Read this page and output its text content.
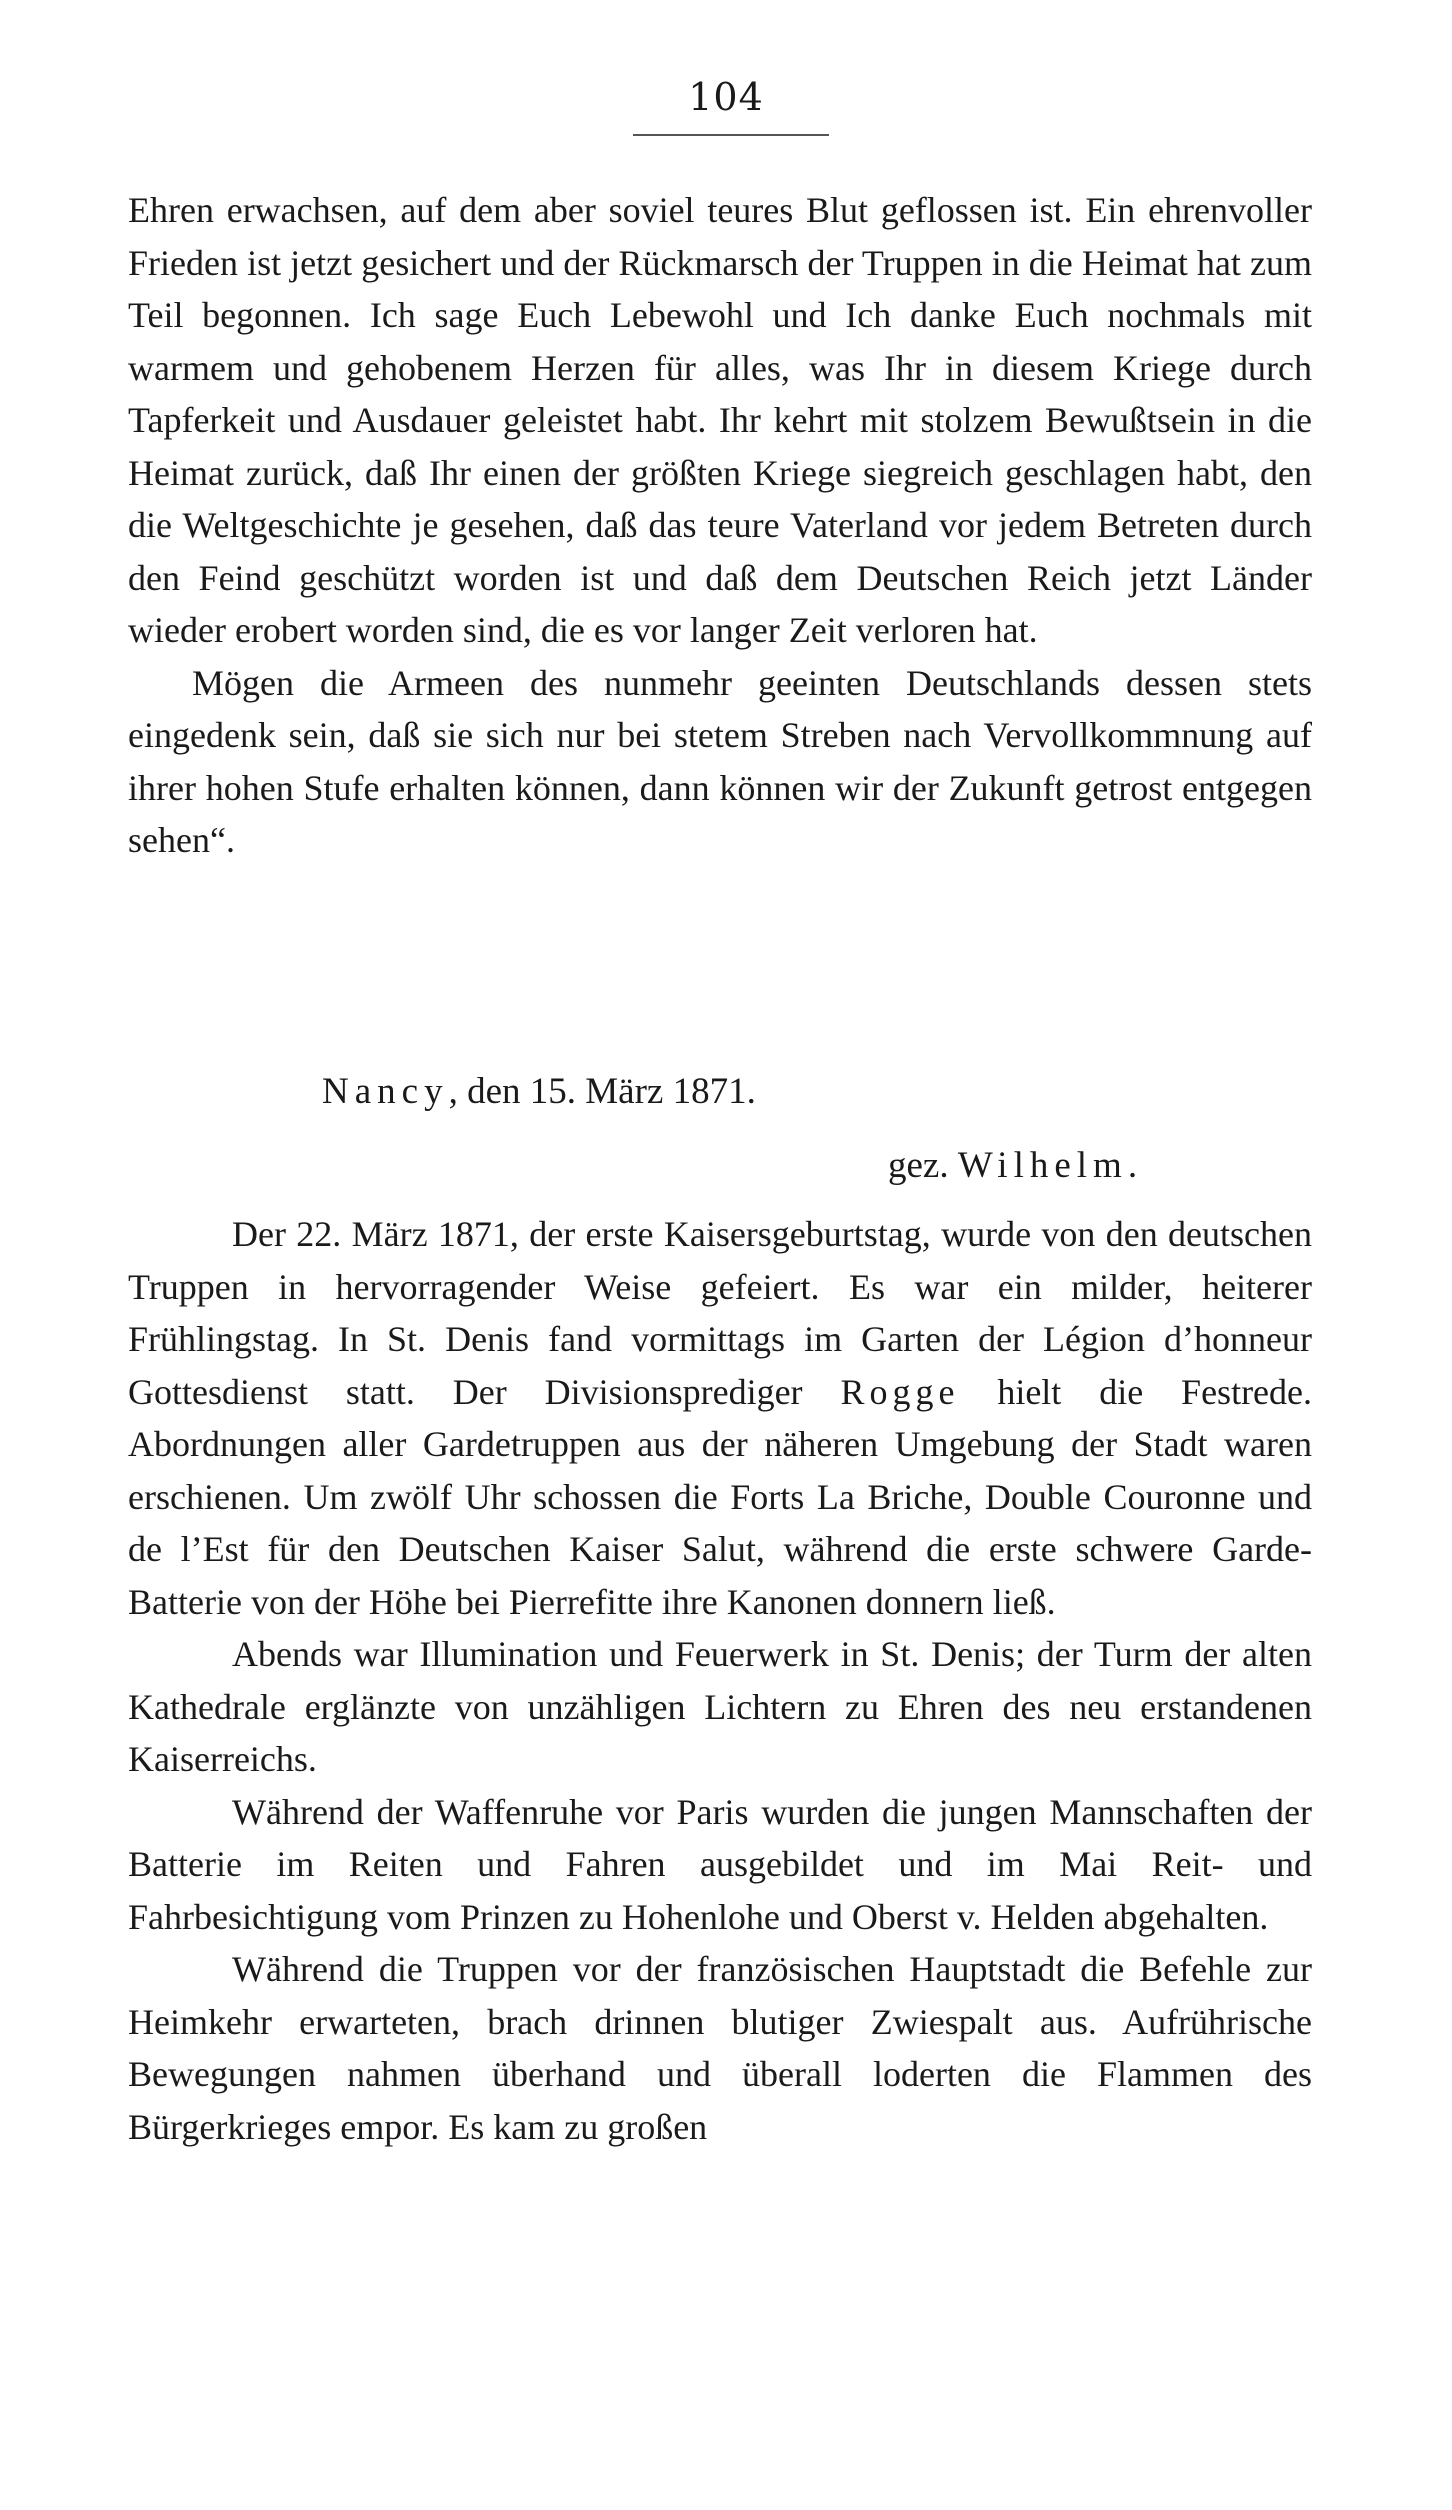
104

Ehren erwachsen, auf dem aber soviel teures Blut geflossen ist. Ein ehrenvoller Frieden ist jetzt gesichert und der Rückmarsch der Truppen in die Heimat hat zum Teil begonnen. Ich sage Euch Lebewohl und Ich danke Euch nochmals mit warmem und gehobenem Herzen für alles, was Ihr in diesem Kriege durch Tapferkeit und Ausdauer geleistet habt. Ihr kehrt mit stolzem Bewußtsein in die Heimat zurück, daß Ihr einen der größten Kriege siegreich geschlagen habt, den die Weltgeschichte je gesehen, daß das teure Vaterland vor jedem Betreten durch den Feind geschützt worden ist und daß dem Deutschen Reich jetzt Länder wieder erobert worden sind, die es vor langer Zeit verloren hat.

Mögen die Armeen des nunmehr geeinten Deutschlands dessen stets eingedenk sein, daß sie sich nur bei stetem Streben nach Vervollkommnung auf ihrer hohen Stufe erhalten können, dann können wir der Zukunft getrost entgegen sehen“.

Nancy, den 15. März 1871.
gez. Wilhelm.

Der 22. März 1871, der erste Kaisersgeburtstag, wurde von den deutschen Truppen in hervorragender Weise gefeiert. Es war ein milder, heiterer Frühlingstag. In St. Denis fand vormittags im Garten der Légion d’honneur Gottesdienst statt. Der Divisionsprediger Rogge hielt die Festrede. Abordnungen aller Gardetruppen aus der näheren Umgebung der Stadt waren erschienen. Um zwölf Uhr schossen die Forts La Briche, Double Couronne und de l’Est für den Deutschen Kaiser Salut, während die erste schwere Garde-Batterie von der Höhe bei Pierrefitte ihre Kanonen donnern ließ.

Abends war Illumination und Feuerwerk in St. Denis; der Turm der alten Kathedrale erglänzte von unzähligen Lichtern zu Ehren des neu erstandenen Kaiserreichs.

Während der Waffenruhe vor Paris wurden die jungen Mannschaften der Batterie im Reiten und Fahren ausgebildet und im Mai Reit- und Fahrbesichtigung vom Prinzen zu Hohenlohe und Oberst v. Helden abgehalten.

Während die Truppen vor der französischen Hauptstadt die Befehle zur Heimkehr erwarteten, brach drinnen blutiger Zwiespalt aus. Aufrührische Bewegungen nahmen überhand und überall loderten die Flammen des Bürgerkrieges empor. Es kam zu großen
